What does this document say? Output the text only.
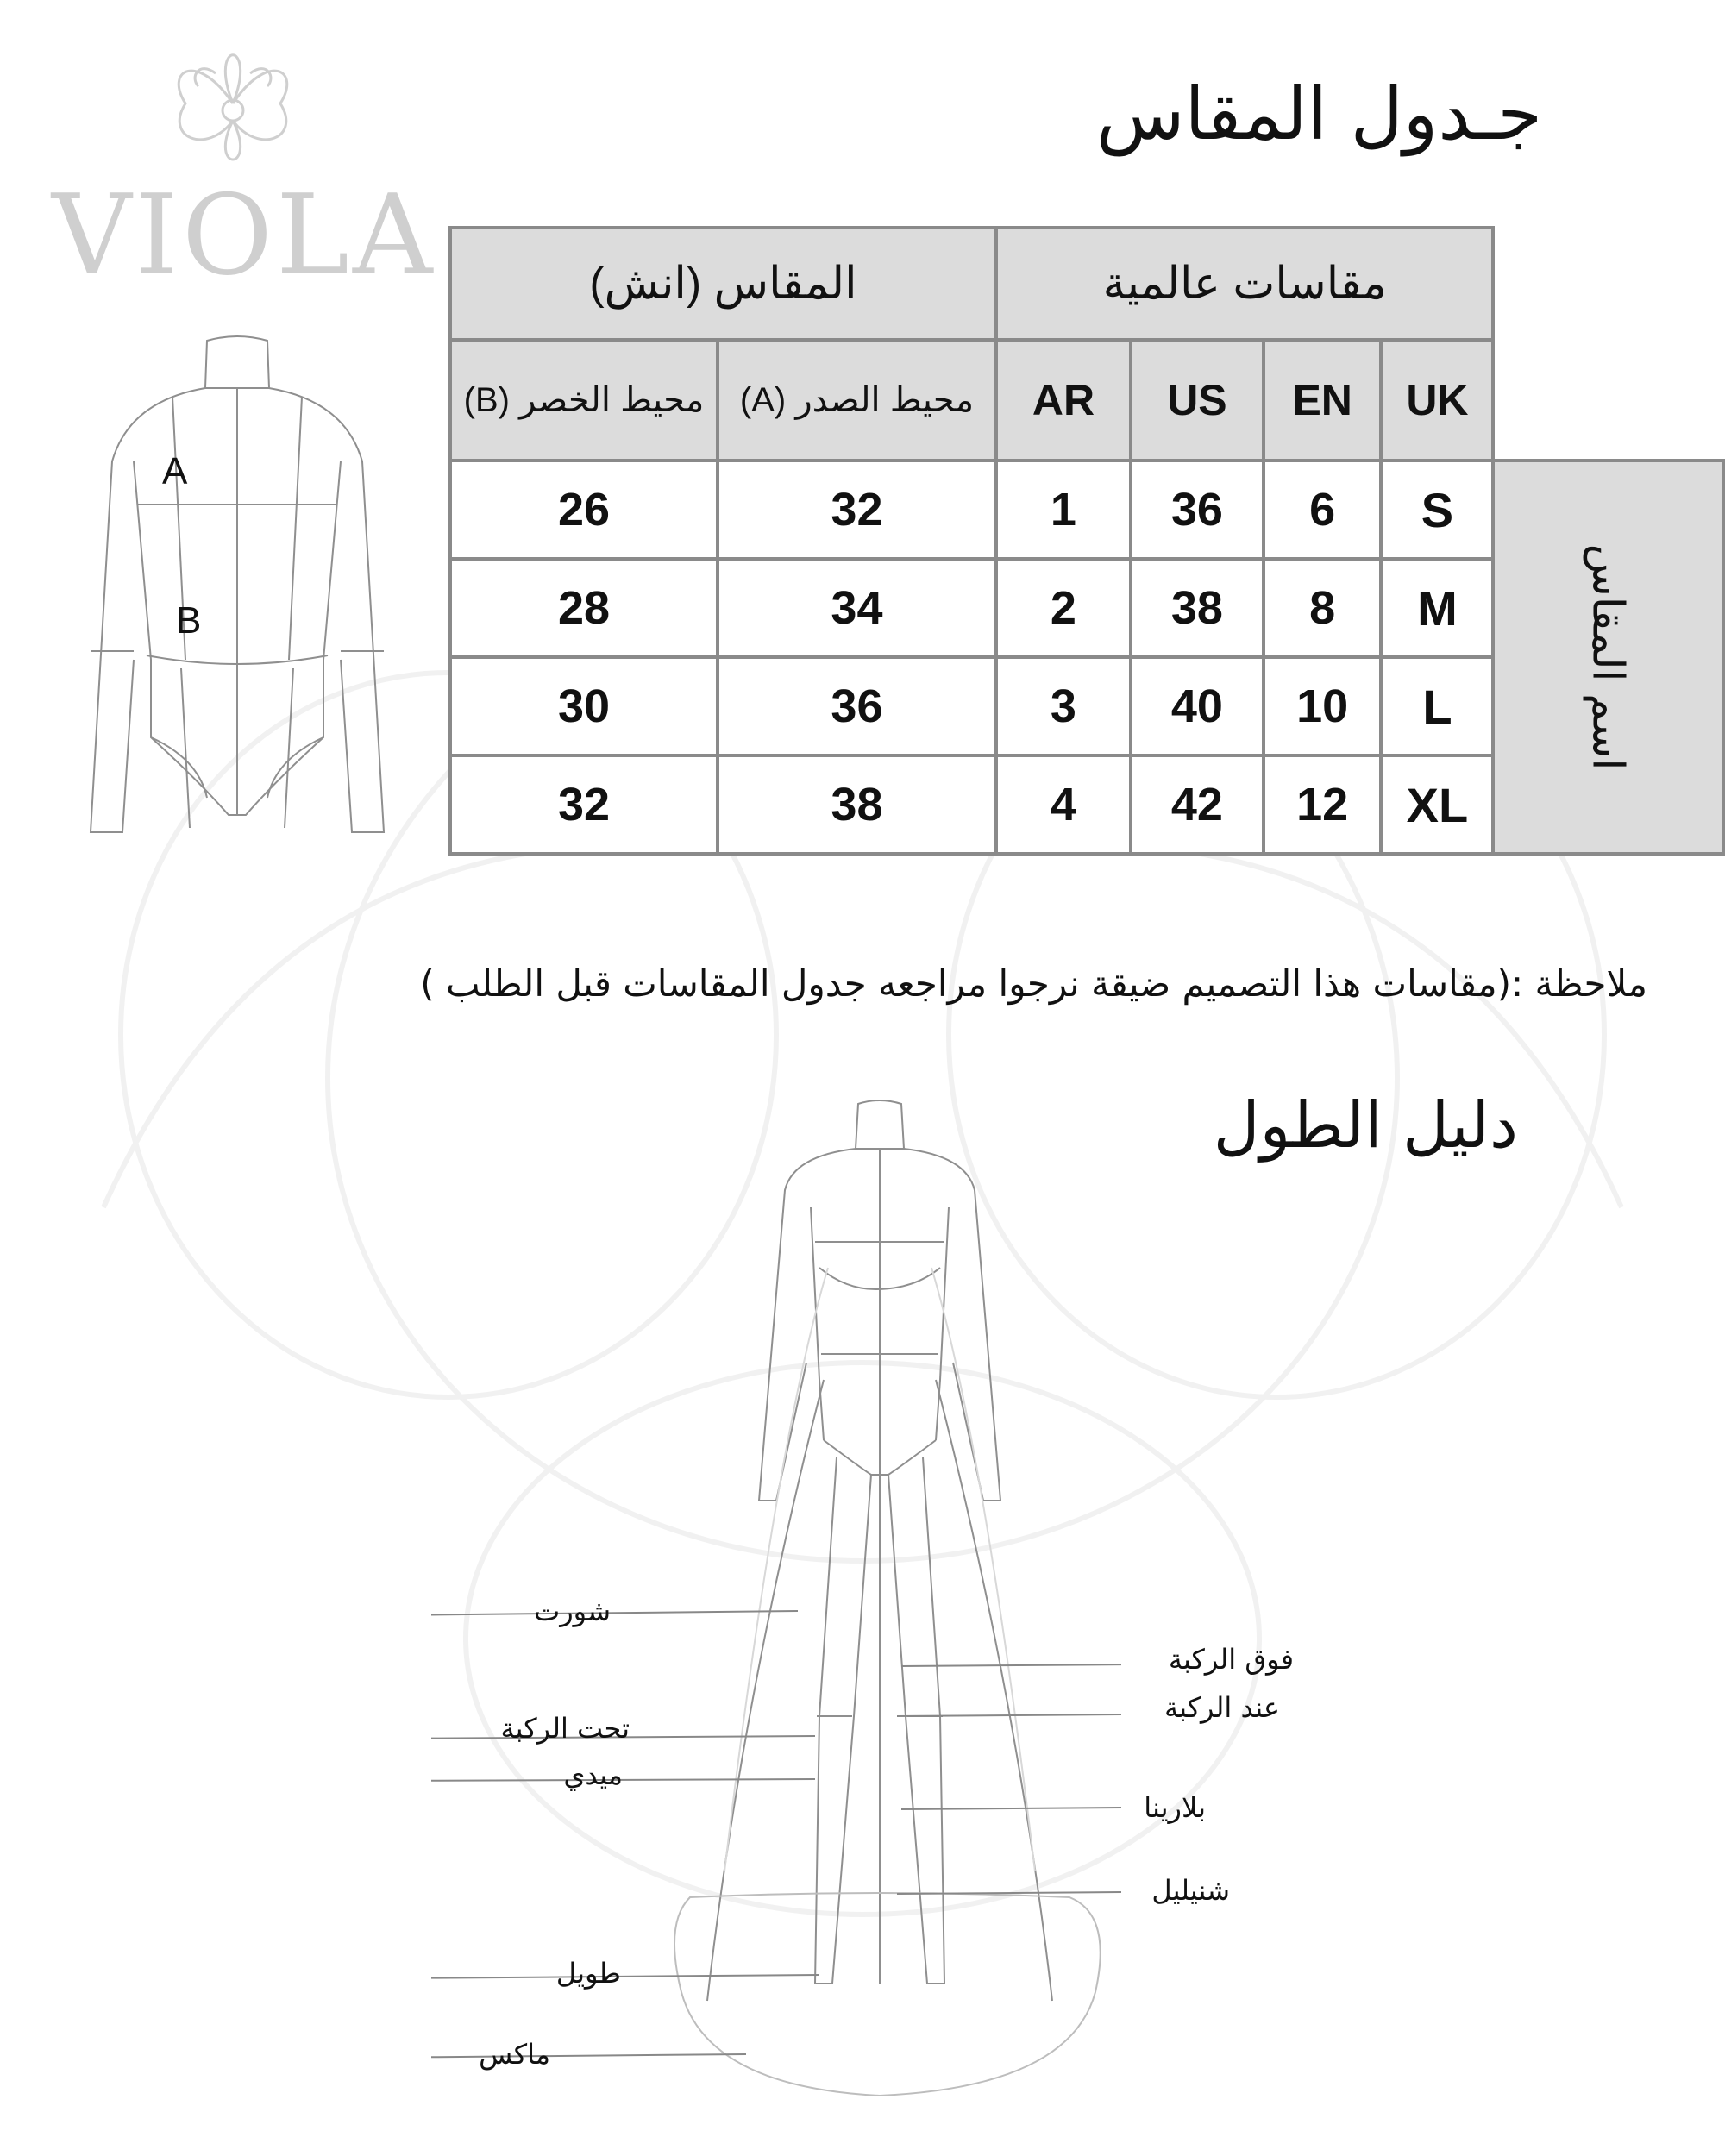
VIOLA
جـدول المقاس
A
B
المقاس (انش)		مقاسات عالمية				
محيط الخصر (B)	محيط الصدر (A)	AR	US	EN	UK	
26	32	1	36	6	S	اسم المقاس
28	34	2	38	8	M	
30	36	3	40	10	L	
32	38	4	42	12	XL	
ملاحظة :(مقاسات هذا التصميم ضيقة نرجوا مراجعه جدول المقاسات قبل الطلب )
دليل الطول
شورت
تحت الركبة
ميدي
طويل
ماكس
فوق الركبة
عند الركبة
بلارينا
شنيليل
